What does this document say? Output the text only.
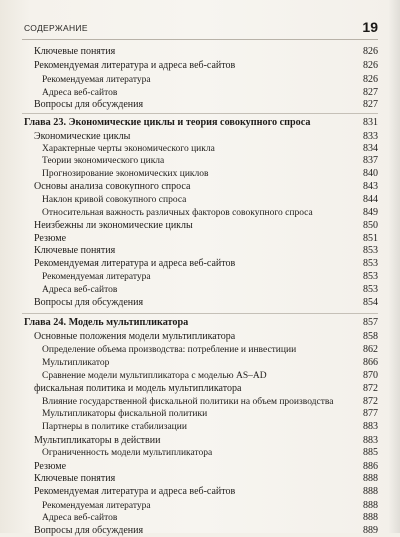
СОДЕРЖАНИЕ	19
Ключевые понятия	826
Рекомендуемая литература и адреса веб-сайтов	826
Рекомендуемая литература	826
Адреса веб-сайтов	827
Вопросы для обсуждения	827
Глава 23. Экономические циклы и теория совокупного спроса	831
Экономические циклы	833
Характерные черты экономического цикла	834
Теории экономического цикла	837
Прогнозирование экономических циклов	840
Основы анализа совокупного спроса	843
Наклон кривой совокупного спроса	844
Относительная важность различных факторов совокупного спроса	849
Неизбежны ли экономические циклы	850
Резюме	851
Ключевые понятия	853
Рекомендуемая литература и адреса веб-сайтов	853
Рекомендуемая литература	853
Адреса веб-сайтов	853
Вопросы для обсуждения	854
Глава 24. Модель мультипликатора	857
Основные положения модели мультипликатора	858
Определение объема производства: потребление и инвестиции	862
Мультипликатор	866
Сравнение модели мультипликатора с моделью AS–AD	870
фискальная политика и модель мультипликатора	872
Влияние государственной фискальной политики на объем производства	872
Мультипликаторы фискальной политики	877
Партнеры в политике стабилизации	883
Мультипликаторы в действии	883
Ограниченность модели мультипликатора	885
Резюме	886
Ключевые понятия	888
Рекомендуемая литература и адреса веб-сайтов	888
Рекомендуемая литература	888
Адреса веб-сайтов	888
Вопросы для обсуждения	889
